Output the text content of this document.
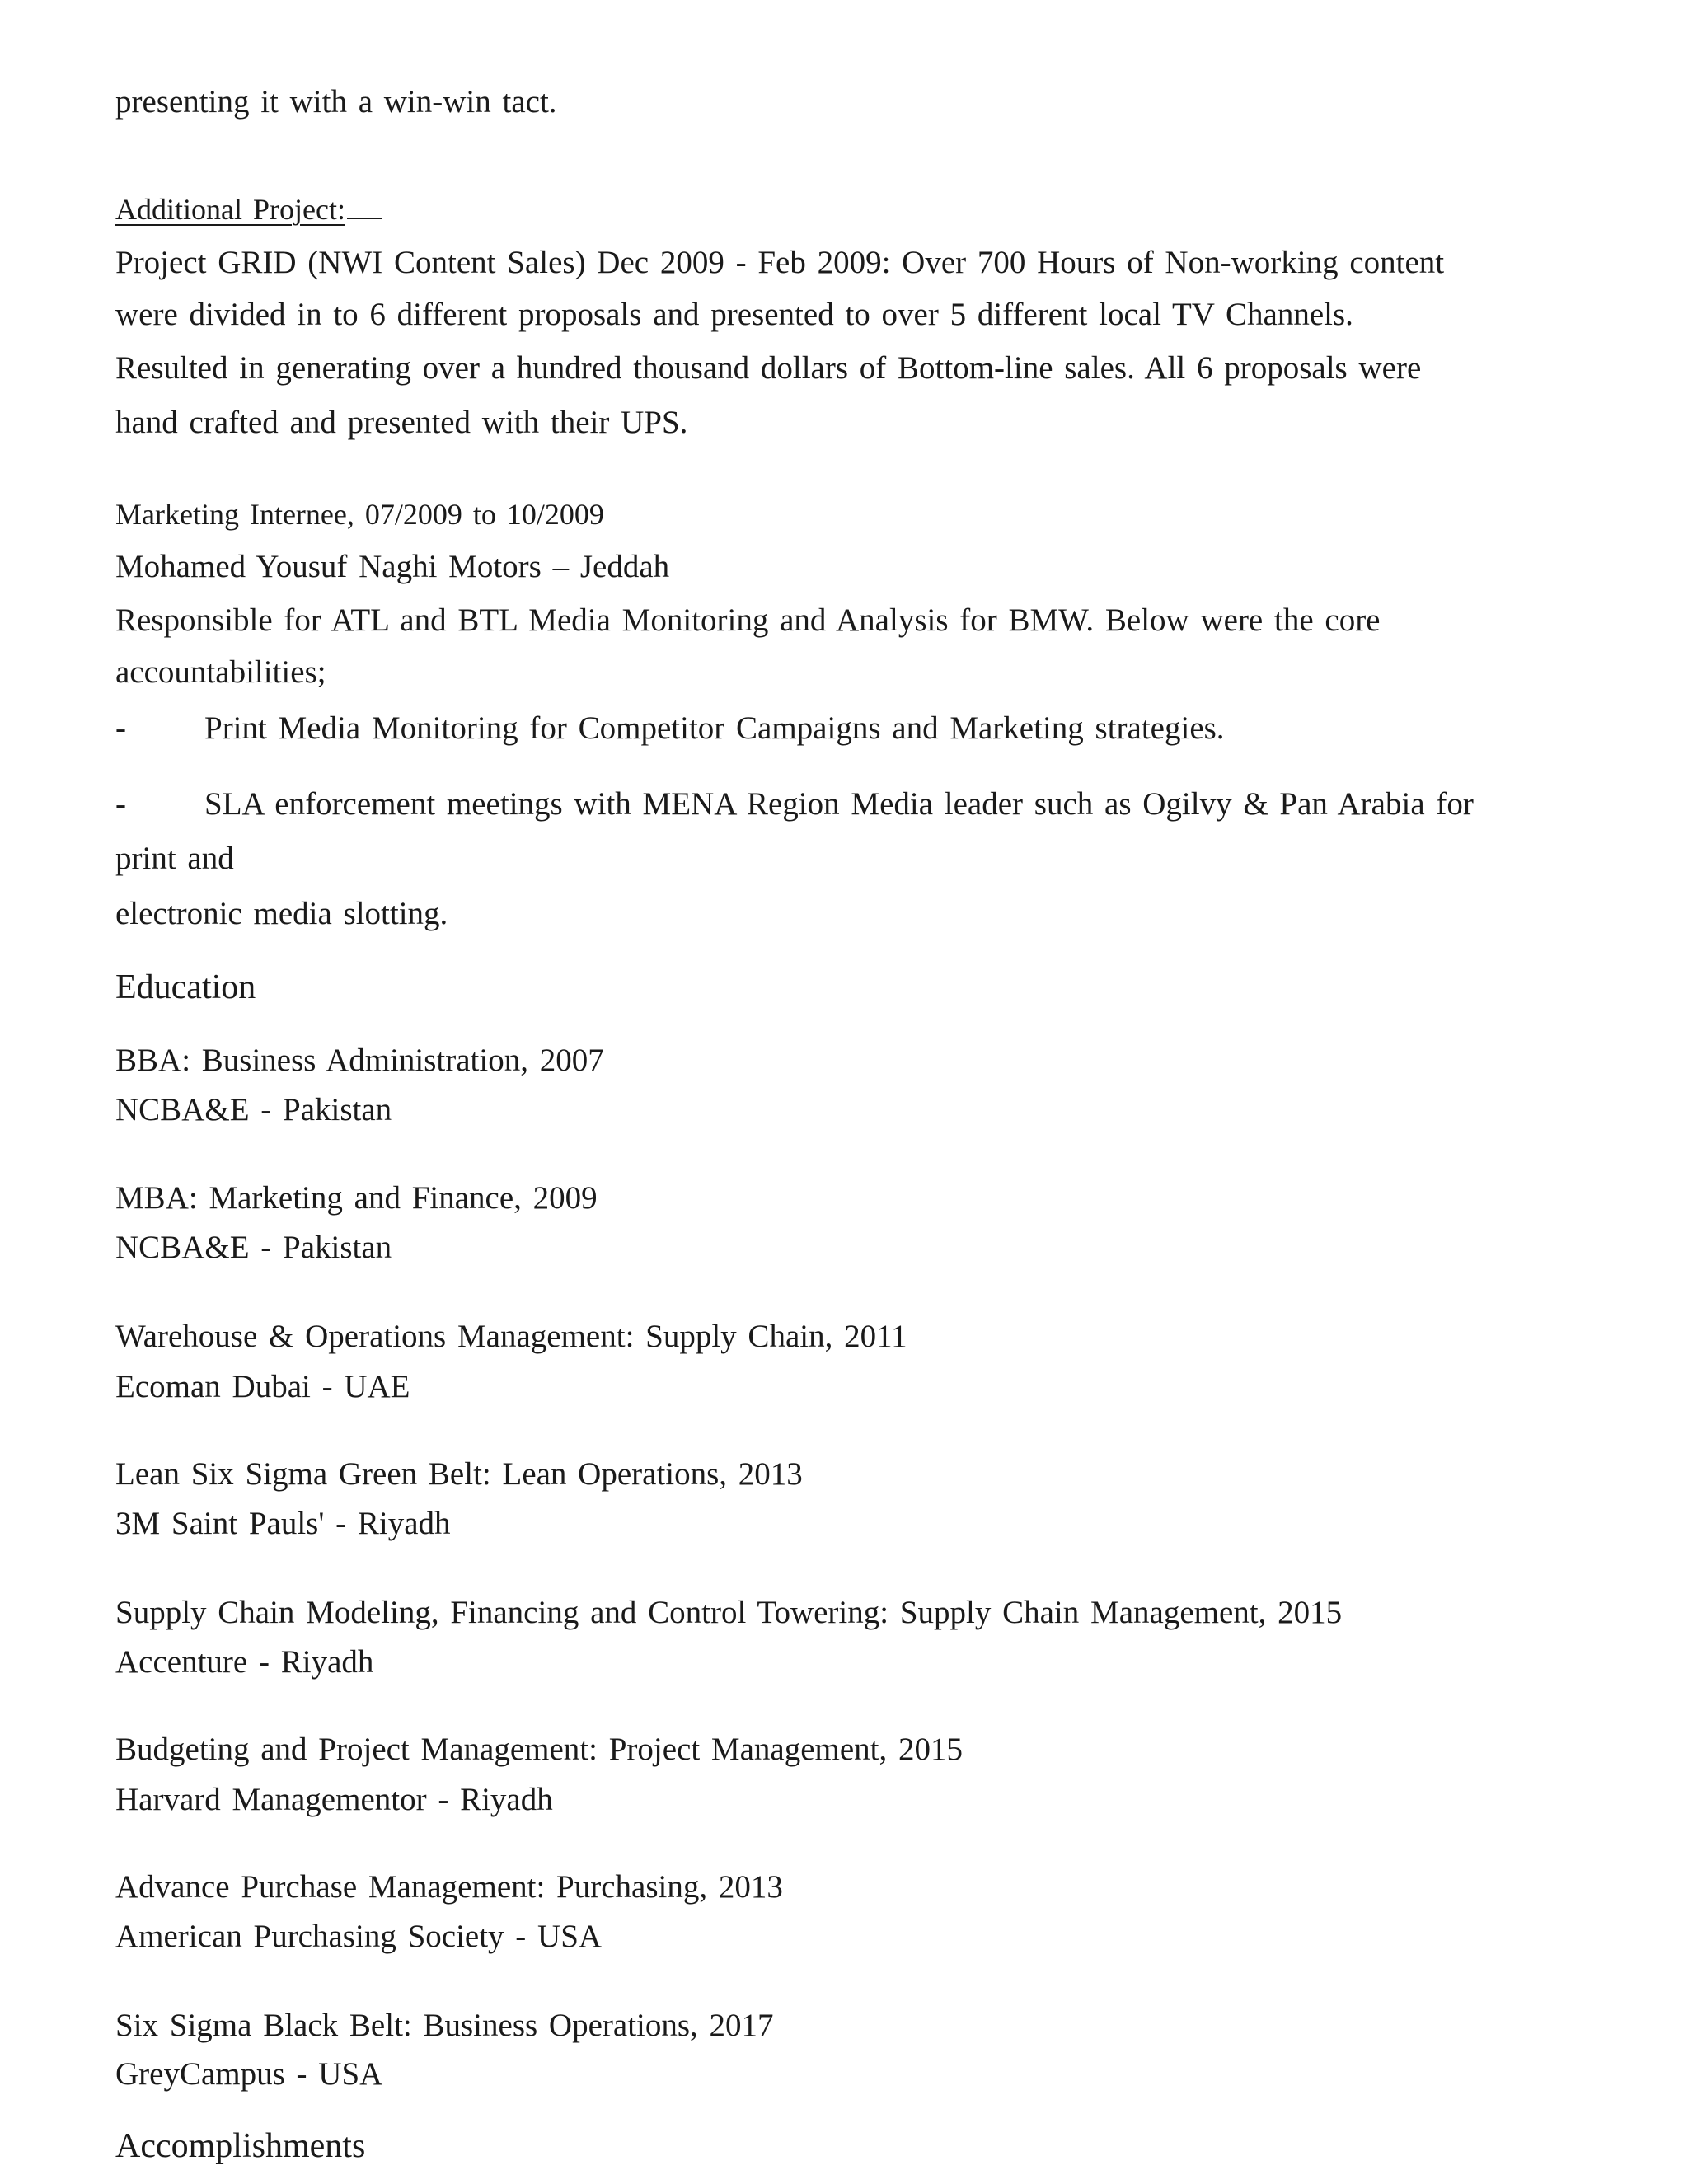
presenting it with a win-win tact.
Additional Project:
Project GRID (NWI Content Sales) Dec 2009 - Feb 2009: Over 700 Hours of Non-working content
were divided in to 6 different proposals and presented to over 5 different local TV Channels.
Resulted in generating over a hundred thousand dollars of Bottom-line sales. All 6 proposals were
hand crafted and presented with their UPS.
Marketing Internee, 07/2009 to 10/2009
Mohamed Yousuf Naghi Motors – Jeddah
Responsible for ATL and BTL Media Monitoring and Analysis for BMW. Below were the core
accountabilities;
- Print Media Monitoring for Competitor Campaigns and Marketing strategies.
- SLA enforcement meetings with MENA Region Media leader such as Ogilvy & Pan Arabia for
print and
electronic media slotting.
Education
BBA: Business Administration, 2007
NCBA&E - Pakistan
MBA: Marketing and Finance, 2009
NCBA&E - Pakistan
Warehouse & Operations Management: Supply Chain, 2011
Ecoman Dubai - UAE
Lean Six Sigma Green Belt: Lean Operations, 2013
3M Saint Pauls' - Riyadh
Supply Chain Modeling, Financing and Control Towering: Supply Chain Management, 2015
Accenture - Riyadh
Budgeting and Project Management: Project Management, 2015
Harvard Managementor - Riyadh
Advance Purchase Management: Purchasing, 2013
American Purchasing Society - USA
Six Sigma Black Belt: Business Operations, 2017
GreyCampus - USA
Accomplishments
